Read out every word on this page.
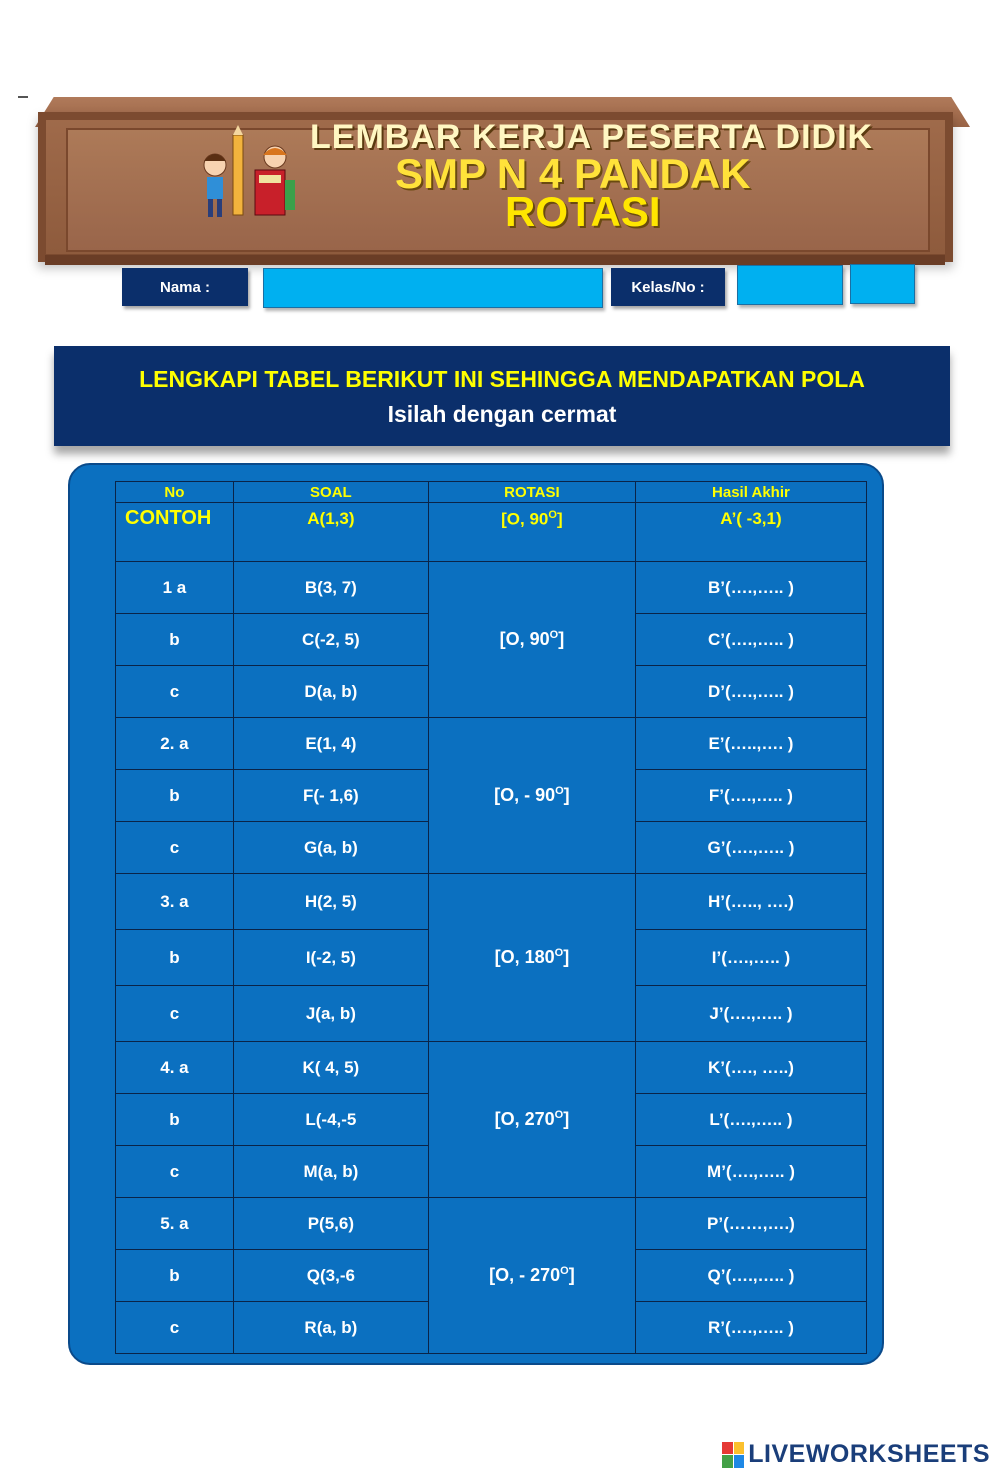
LEMBAR KERJA PESERTA DIDIK
SMP N 4 PANDAK
ROTASI
Nama :	Kelas/No :
LENGKAPI TABEL BERIKUT INI SEHINGGA MENDAPATKAN POLA
Isilah dengan cermat
No	SOAL	ROTASI	Hasil Akhir
CONTOH	A(1,3)	[O, $90^O$]	A’( -3,1)
1 a	B(3, 7)	[O, $90^O$]	B’(….,….. )
b	C(-2, 5)		C’(….,….. )
c	D(a, b)		D’(….,….. )
2. a	E(1, 4)	[O, - $90^O$]	E’(…..,…. )
b	F(- 1,6)		F’(….,….. )
c	G(a, b)		G’(….,….. )
3. a	H(2, 5)	[O, $180^O$]	H’(….., ….)
b	I(-2, 5)		I’(….,….. )
c	J(a, b)		J’(….,….. )
4. a	K( 4, 5)	[O, $270^O$]	K’(…., …..)
b	L(-4,-5		L’(….,….. )
c	M(a, b)		M’(….,….. )
5. a	P(5,6)	[O, - $270^O$]	P’(……,….)
b	Q(3,-6		Q’(….,….. )
c	R(a, b)		R’(….,….. )
LIVEWORKSHEETS
